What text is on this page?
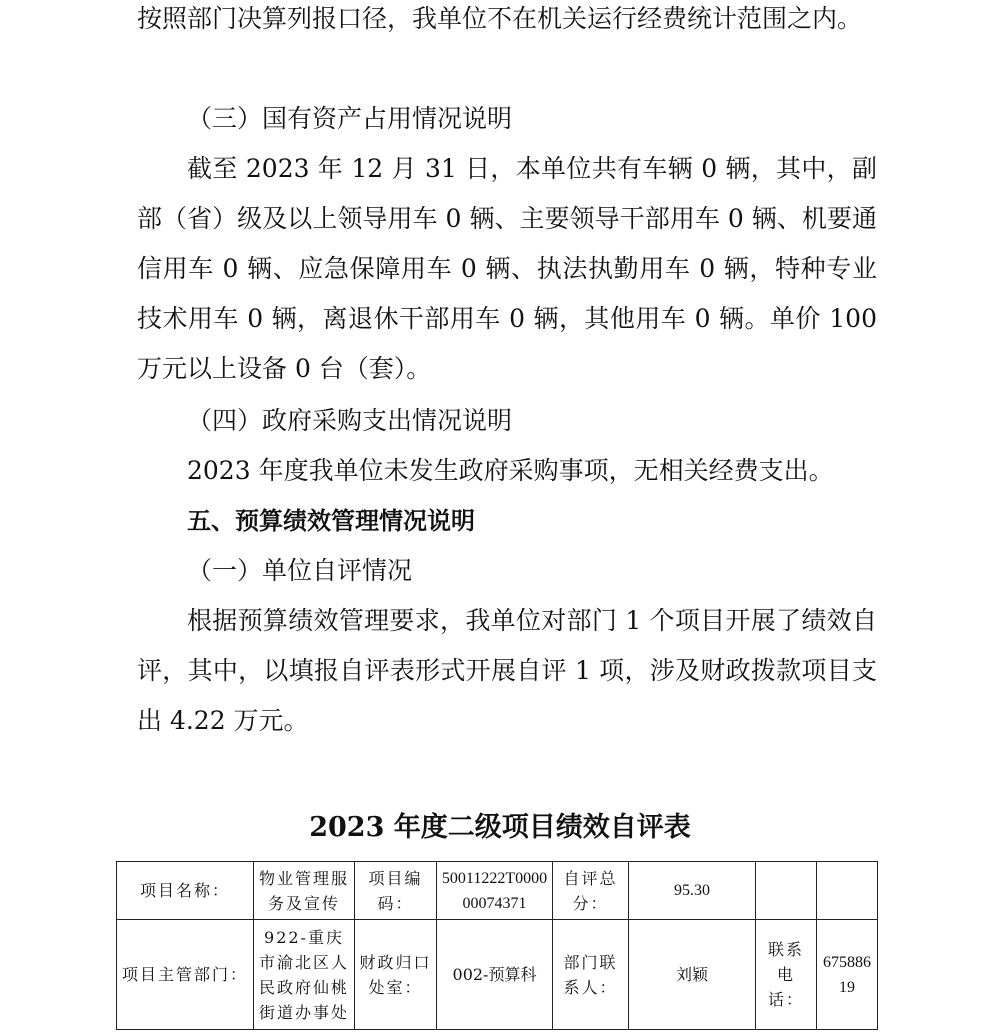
按照部门决算列报口径，我单位不在机关运行经费统计范围之内。

（三）国有资产占用情况说明

截至 2023 年 12 月 31 日，本单位共有车辆 0 辆，其中，副部（省）级及以上领导用车 0 辆、主要领导干部用车 0 辆、机要通信用车 0 辆、应急保障用车 0 辆、执法执勤用车 0 辆，特种专业技术用车 0 辆，离退休干部用车 0 辆，其他用车 0 辆。单价 100 万元以上设备 0 台（套）。

（四）政府采购支出情况说明

2023 年度我单位未发生政府采购事项，无相关经费支出。

五、预算绩效管理情况说明

（一）单位自评情况

根据预算绩效管理要求，我单位对部门 1 个项目开展了绩效自评，其中，以填报自评表形式开展自评 1 项，涉及财政拨款项目支出 4.22 万元。

2023 年度二级项目绩效自评表
项目名称：	物业管理服务及宣传	项目编码：	50011222T000000074371	自评总分：	95.30		
项目主管部门：	922-重庆市渝北区人民政府仙桃街道办事处	财政归口处室：	002-预算科	部门联系人：	刘颖	联系电话：	67588619
